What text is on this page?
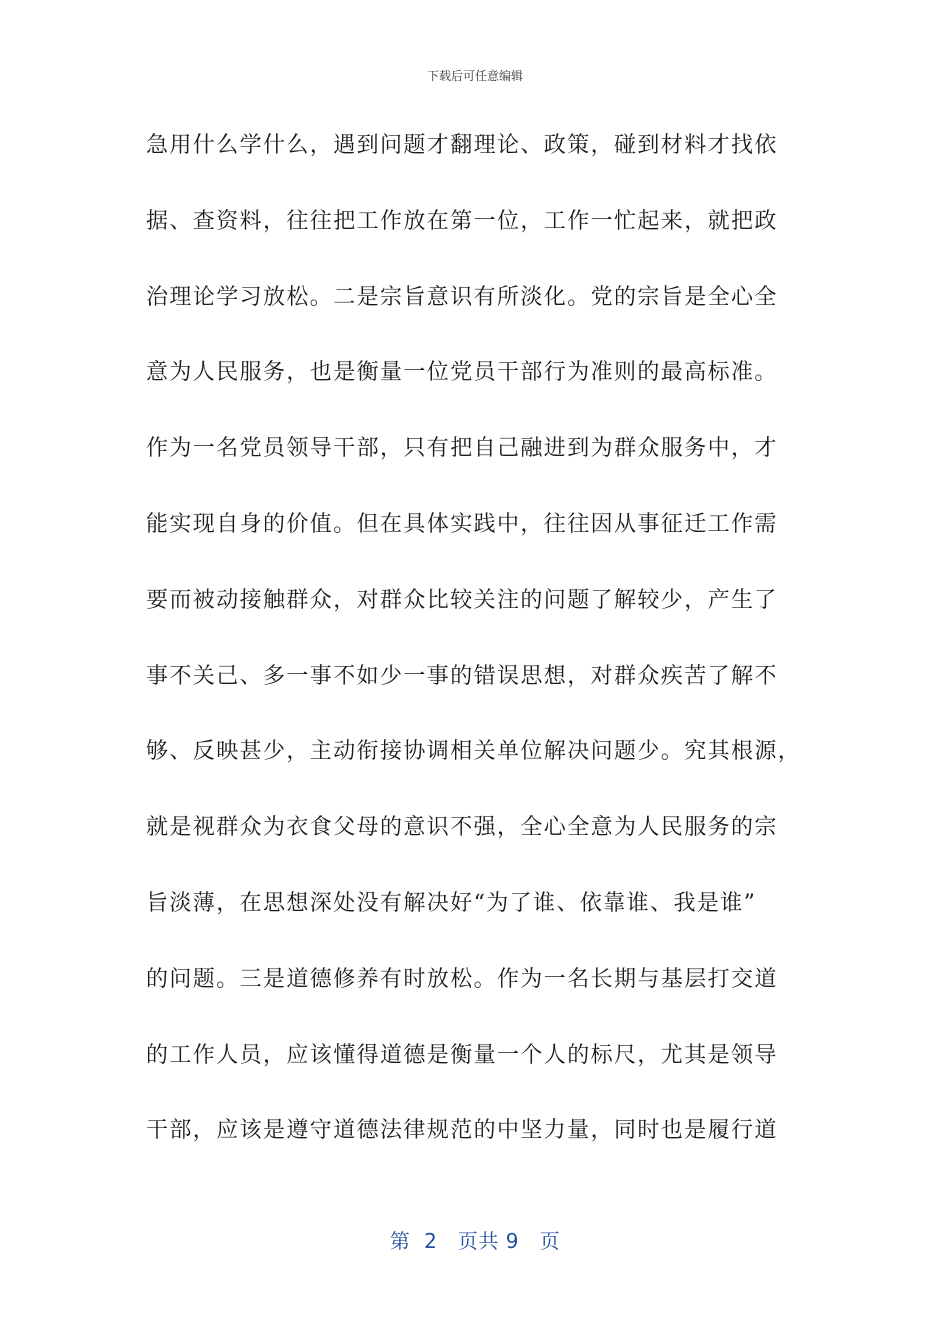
下载后可任意编辑
急用什么学什么，遇到问题才翻理论、政策，碰到材料才找依
据、查资料，往往把工作放在第一位，工作一忙起来，就把政
治理论学习放松。二是宗旨意识有所淡化。党的宗旨是全心全
意为人民服务，也是衡量一位党员干部行为准则的最高标准。
作为一名党员领导干部，只有把自己融进到为群众服务中，才
能实现自身的价值。但在具体实践中，往往因从事征迁工作需
要而被动接触群众，对群众比较关注的问题了解较少，产生了
事不关己、多一事不如少一事的错误思想，对群众疾苦了解不
够、反映甚少，主动衔接协调相关单位解决问题少。究其根源，
就是视群众为衣食父母的意识不强，全心全意为人民服务的宗
旨淡薄，在思想深处没有解决好“为了谁、依靠谁、我是谁”
的问题。三是道德修养有时放松。作为一名长期与基层打交道
的工作人员，应该懂得道德是衡量一个人的标尺，尤其是领导
干部，应该是遵守道德法律规范的中坚力量，同时也是履行道
第 2 页共 9 页
